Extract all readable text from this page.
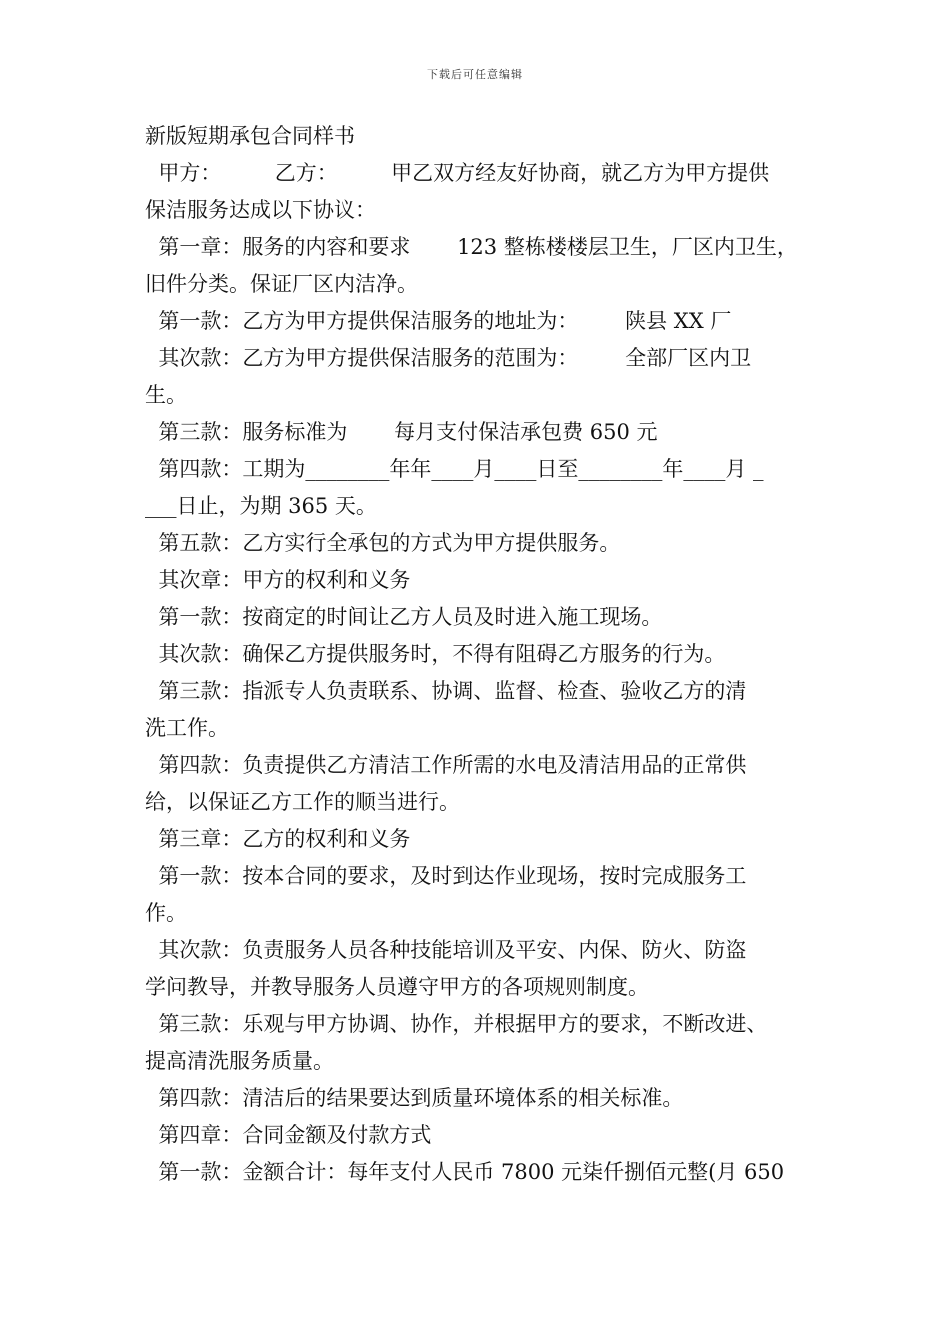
下载后可任意编辑
新版短期承包合同样书
甲方：        乙方：        甲乙双方经友好协商，就乙方为甲方提供
保洁服务达成以下协议：
第一章：服务的内容和要求       123 整栋楼楼层卫生，厂区内卫生，
旧件分类。保证厂区内洁净。
第一款：乙方为甲方提供保洁服务的地址为：       陕县 XX 厂
其次款：乙方为甲方提供保洁服务的范围为：       全部厂区内卫
生。
第三款：服务标准为       每月支付保洁承包费 650 元
第四款：工期为________年年____月____日至________年____月 _
___日止，为期 365 天。
第五款：乙方实行全承包的方式为甲方提供服务。
其次章：甲方的权利和义务
第一款：按商定的时间让乙方人员及时进入施工现场。
其次款：确保乙方提供服务时，不得有阻碍乙方服务的行为。
第三款：指派专人负责联系、协调、监督、检查、验收乙方的清
洗工作。
第四款：负责提供乙方清洁工作所需的水电及清洁用品的正常供
给，以保证乙方工作的顺当进行。
第三章：乙方的权利和义务
第一款：按本合同的要求，及时到达作业现场，按时完成服务工
作。
其次款：负责服务人员各种技能培训及平安、内保、防火、防盗
学问教导，并教导服务人员遵守甲方的各项规则制度。
第三款：乐观与甲方协调、协作，并根据甲方的要求，不断改进、
提高清洗服务质量。
第四款：清洁后的结果要达到质量环境体系的相关标准。
第四章：合同金额及付款方式
第一款：金额合计：每年支付人民币 7800 元柒仟捌佰元整(月 650
